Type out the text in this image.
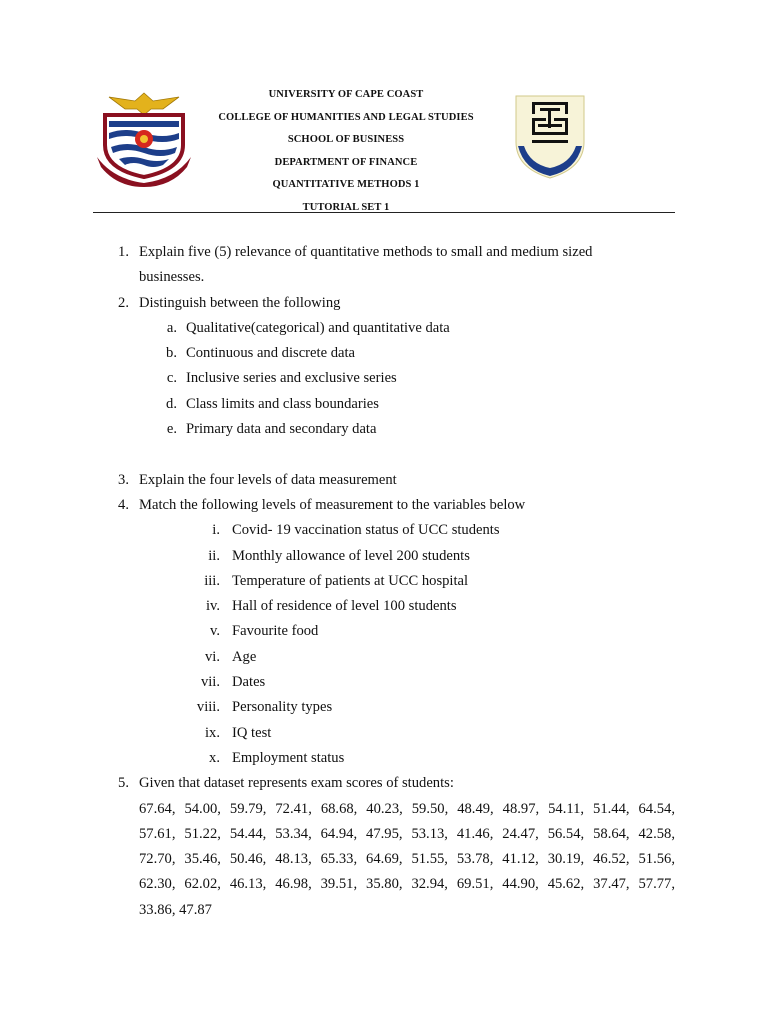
UNIVERSITY OF CAPE COAST
COLLEGE OF HUMANITIES AND LEGAL STUDIES
SCHOOL OF BUSINESS
DEPARTMENT OF FINANCE
QUANTITATIVE METHODS 1
TUTORIAL SET 1
1. Explain five (5) relevance of quantitative methods to small and medium sized
businesses.
2. Distinguish between the following
a. Qualitative(categorical) and quantitative data
b. Continuous and discrete data
c. Inclusive series and exclusive series
d. Class limits and class boundaries
e. Primary data and secondary data
3. Explain the four levels of data measurement
4. Match the following levels of measurement to the variables below
i. Covid- 19 vaccination status of UCC students
ii. Monthly allowance of level 200 students
iii. Temperature of patients at UCC hospital
iv. Hall of residence of level 100 students
v. Favourite food
vi. Age
vii. Dates
viii. Personality types
ix. IQ test
x. Employment status
5. Given that dataset represents exam scores of students:
67.64, 54.00, 59.79, 72.41, 68.68, 40.23, 59.50, 48.49, 48.97, 54.11, 51.44, 64.54,
57.61, 51.22, 54.44, 53.34, 64.94, 47.95, 53.13, 41.46, 24.47, 56.54, 58.64, 42.58,
72.70, 35.46, 50.46, 48.13, 65.33, 64.69, 51.55, 53.78, 41.12, 30.19, 46.52, 51.56,
62.30, 62.02, 46.13, 46.98, 39.51, 35.80, 32.94, 69.51, 44.90, 45.62, 37.47, 57.77,
33.86, 47.87
